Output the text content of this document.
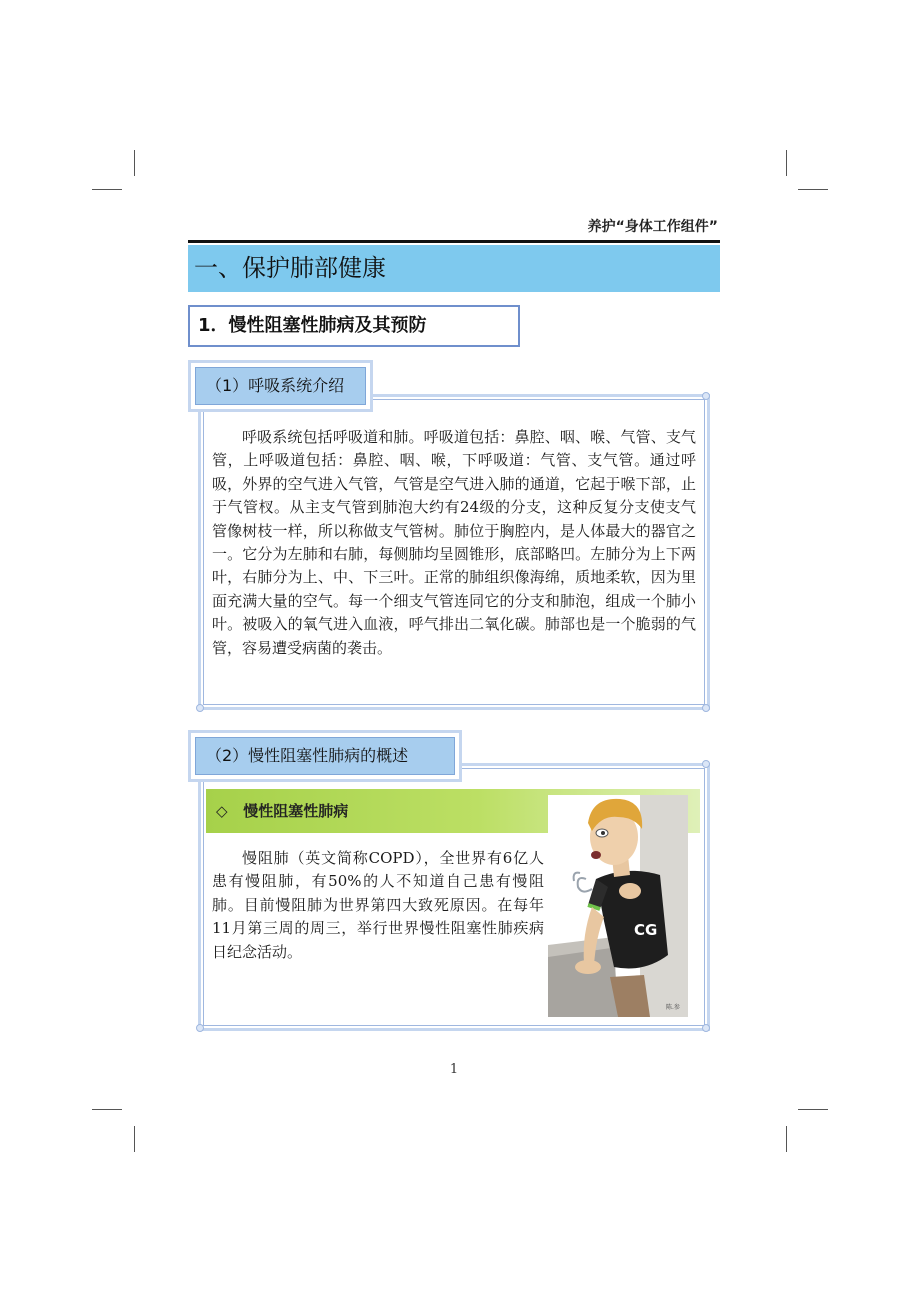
养护“身体工作组件”
一、保护肺部健康
1．慢性阻塞性肺病及其预防
（1）呼吸系统介绍

呼吸系统包括呼吸道和肺。呼吸道包括：鼻腔、咽、喉、气管、支气管，上呼吸道包括：鼻腔、咽、喉，下呼吸道：气管、支气管。通过呼吸，外界的空气进入气管，气管是空气进入肺的通道，它起于喉下部，止于气管杈。从主支气管到肺泡大约有24级的分支，这种反复分支使支气管像树枝一样，所以称做支气管树。肺位于胸腔内，是人体最大的器官之一。它分为左肺和右肺，每侧肺均呈圆锥形，底部略凹。左肺分为上下两叶，右肺分为上、中、下三叶。正常的肺组织像海绵，质地柔软，因为里面充满大量的空气。每一个细支气管连同它的分支和肺泡，组成一个肺小叶。被吸入的氧气进入血液，呼气排出二氧化碳。肺部也是一个脆弱的气管，容易遭受病菌的袭击。

（2）慢性阻塞性肺病的概述
◇ 慢性阻塞性肺病

慢阻肺（英文简称COPD），全世界有6亿人患有慢阻肺，有50%的人不知道自己患有慢阻肺。目前慢阻肺为世界第四大致死原因。在每年11月第三周的周三，举行世界慢性阻塞性肺疾病日纪念活动。

CG
陈.参
1
